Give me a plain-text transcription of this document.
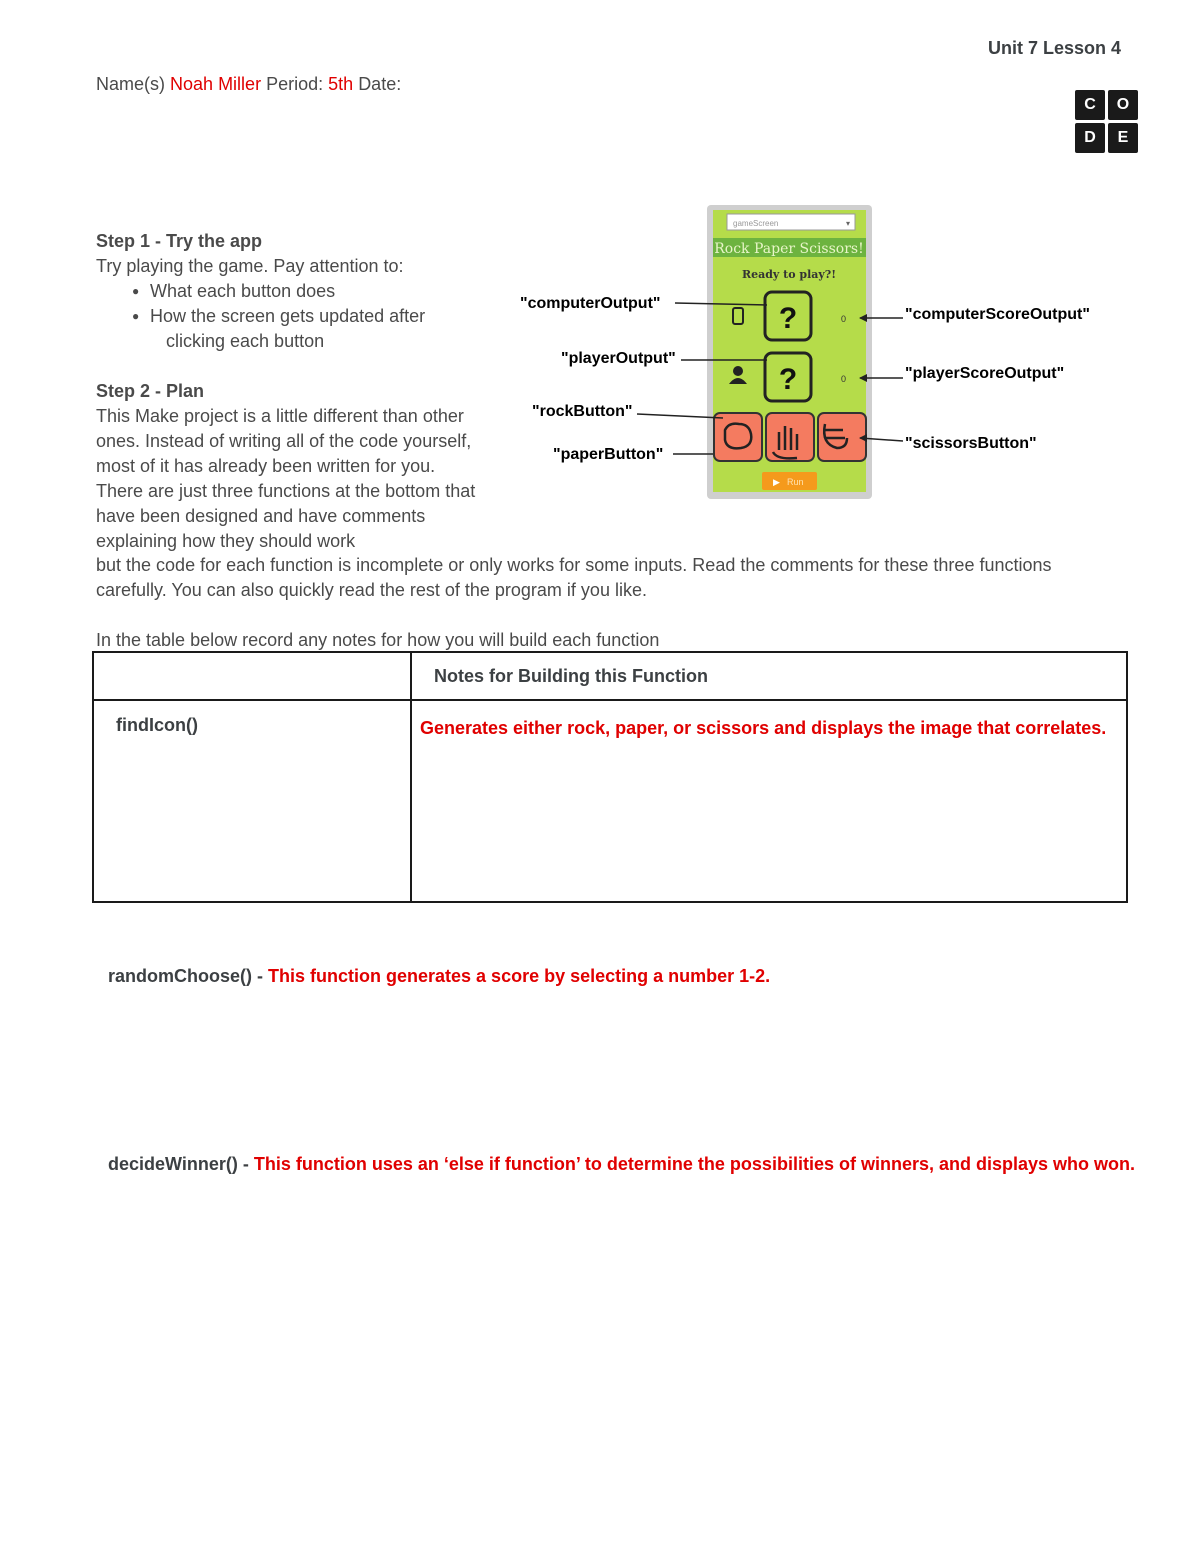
Unit 7 Lesson 4
Name(s) Noah Miller Period: 5th Date:
C	O
D	E
Step 1 - Try the app
Try playing the game. Pay attention to:
● What each button does
● How the screen gets updated after
clicking each button
Step 2 - Plan
This Make project is a little different than other ones. Instead of writing all of the code yourself, most of it has already been written for you. There are just three functions at the bottom that have been designed and have comments explaining how they should work
but the code for each function is incomplete or only works for some inputs. Read the comments for these three functions carefully. You can also quickly read the rest of the program if you like.
In the table below record any notes for how you will build each function
gameScreen	▾
Rock Paper Scissors!
Ready to play?!
?	0
?	0
▶ Run
"computerOutput"
"playerOutput"
"rockButton"
"paperButton"
"computerScoreOutput"
"playerScoreOutput"
"scissorsButton"
	Notes for Building this Function
findIcon()	Generates either rock, paper, or scissors and displays the image that correlates.
randomChoose() - This function generates a score by selecting a number 1-2.
decideWinner() - This function uses an ‘else if function’ to determine the possibilities of winners, and displays who won.
